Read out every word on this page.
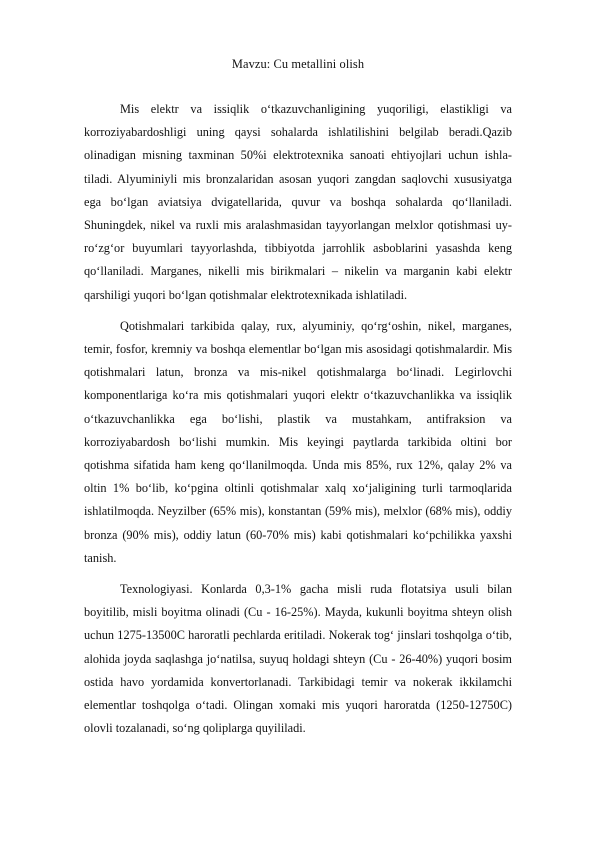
Mavzu: Cu metallini olish

Mis elektr va issiqlik o‘tkazuvchanligining yuqoriligi, elastikligi va korroziyabardoshligi uning qaysi sohalarda ishlatilishini belgilab beradi.Qazib olinadigan misning taxminan 50%i elektrotexnika sanoati ehtiyojlari uchun ishla-tiladi. Alyuminiyli mis bronzalaridan asosan yuqori zangdan saqlovchi xususiyatga ega bo‘lgan aviatsiya dvigatellarida, quvur va boshqa sohalarda qo‘llaniladi. Shuningdek, nikel va ruxli mis aralashmasidan tayyorlangan melxlor qotishmasi uy-ro‘zg‘or buyumlari tayyorlashda, tibbiyotda jarrohlik asboblarini yasashda keng qo‘llaniladi. Marganes, nikelli mis birikmalari – nikelin va marganin kabi elektr qarshiligi yuqori bo‘lgan qotishmalar elektrotexnikada ishlatiladi.

Qotishmalari tarkibida qalay, rux, alyuminiy, qo‘rg‘oshin, nikel, marganes, temir, fosfor, kremniy va boshqa elementlar bo‘lgan mis asosidagi qotishmalardir. Mis qotishmalari latun, bronza va mis-nikel qotishmalarga bo‘linadi. Legirlovchi komponentlariga ko‘ra mis qotishmalari yuqori elektr o‘tkazuvchanlikka va issiqlik o‘tkazuvchanlikka ega bo‘lishi, plastik va mustahkam, antifraksion va korroziyabardosh bo‘lishi mumkin. Mis keyingi paytlarda tarkibida oltini bor qotishma sifatida ham keng qo‘llanilmoqda. Unda mis 85%, rux 12%, qalay 2% va oltin 1% bo‘lib, ko‘pgina oltinli qotishmalar xalq xo‘jaligining turli tarmoqlarida ishlatilmoqda. Neyzilber (65% mis), konstantan (59% mis), melxlor (68% mis), oddiy bronza (90% mis), oddiy latun (60-70% mis) kabi qotishmalari ko‘pchilikka yaxshi tanish.

Texnologiyasi. Konlarda 0,3-1% gacha misli ruda flotatsiya usuli bilan boyitilib, misli boyitma olinadi (Cu - 16-25%). Mayda, kukunli boyitma shteyn olish uchun 1275-13500C haroratli pechlarda eritiladi. Nokerak tog‘ jinslari toshqolga o‘tib, alohida joyda saqlashga jo‘natilsa, suyuq holdagi shteyn (Cu - 26-40%) yuqori bosim ostida havo yordamida konvertorlanadi. Tarkibidagi temir va nokerak ikkilamchi elementlar toshqolga o‘tadi. Olingan xomaki mis yuqori haroratda (1250-12750C) olovli tozalanadi, so‘ng qoliplarga quyililadi.
